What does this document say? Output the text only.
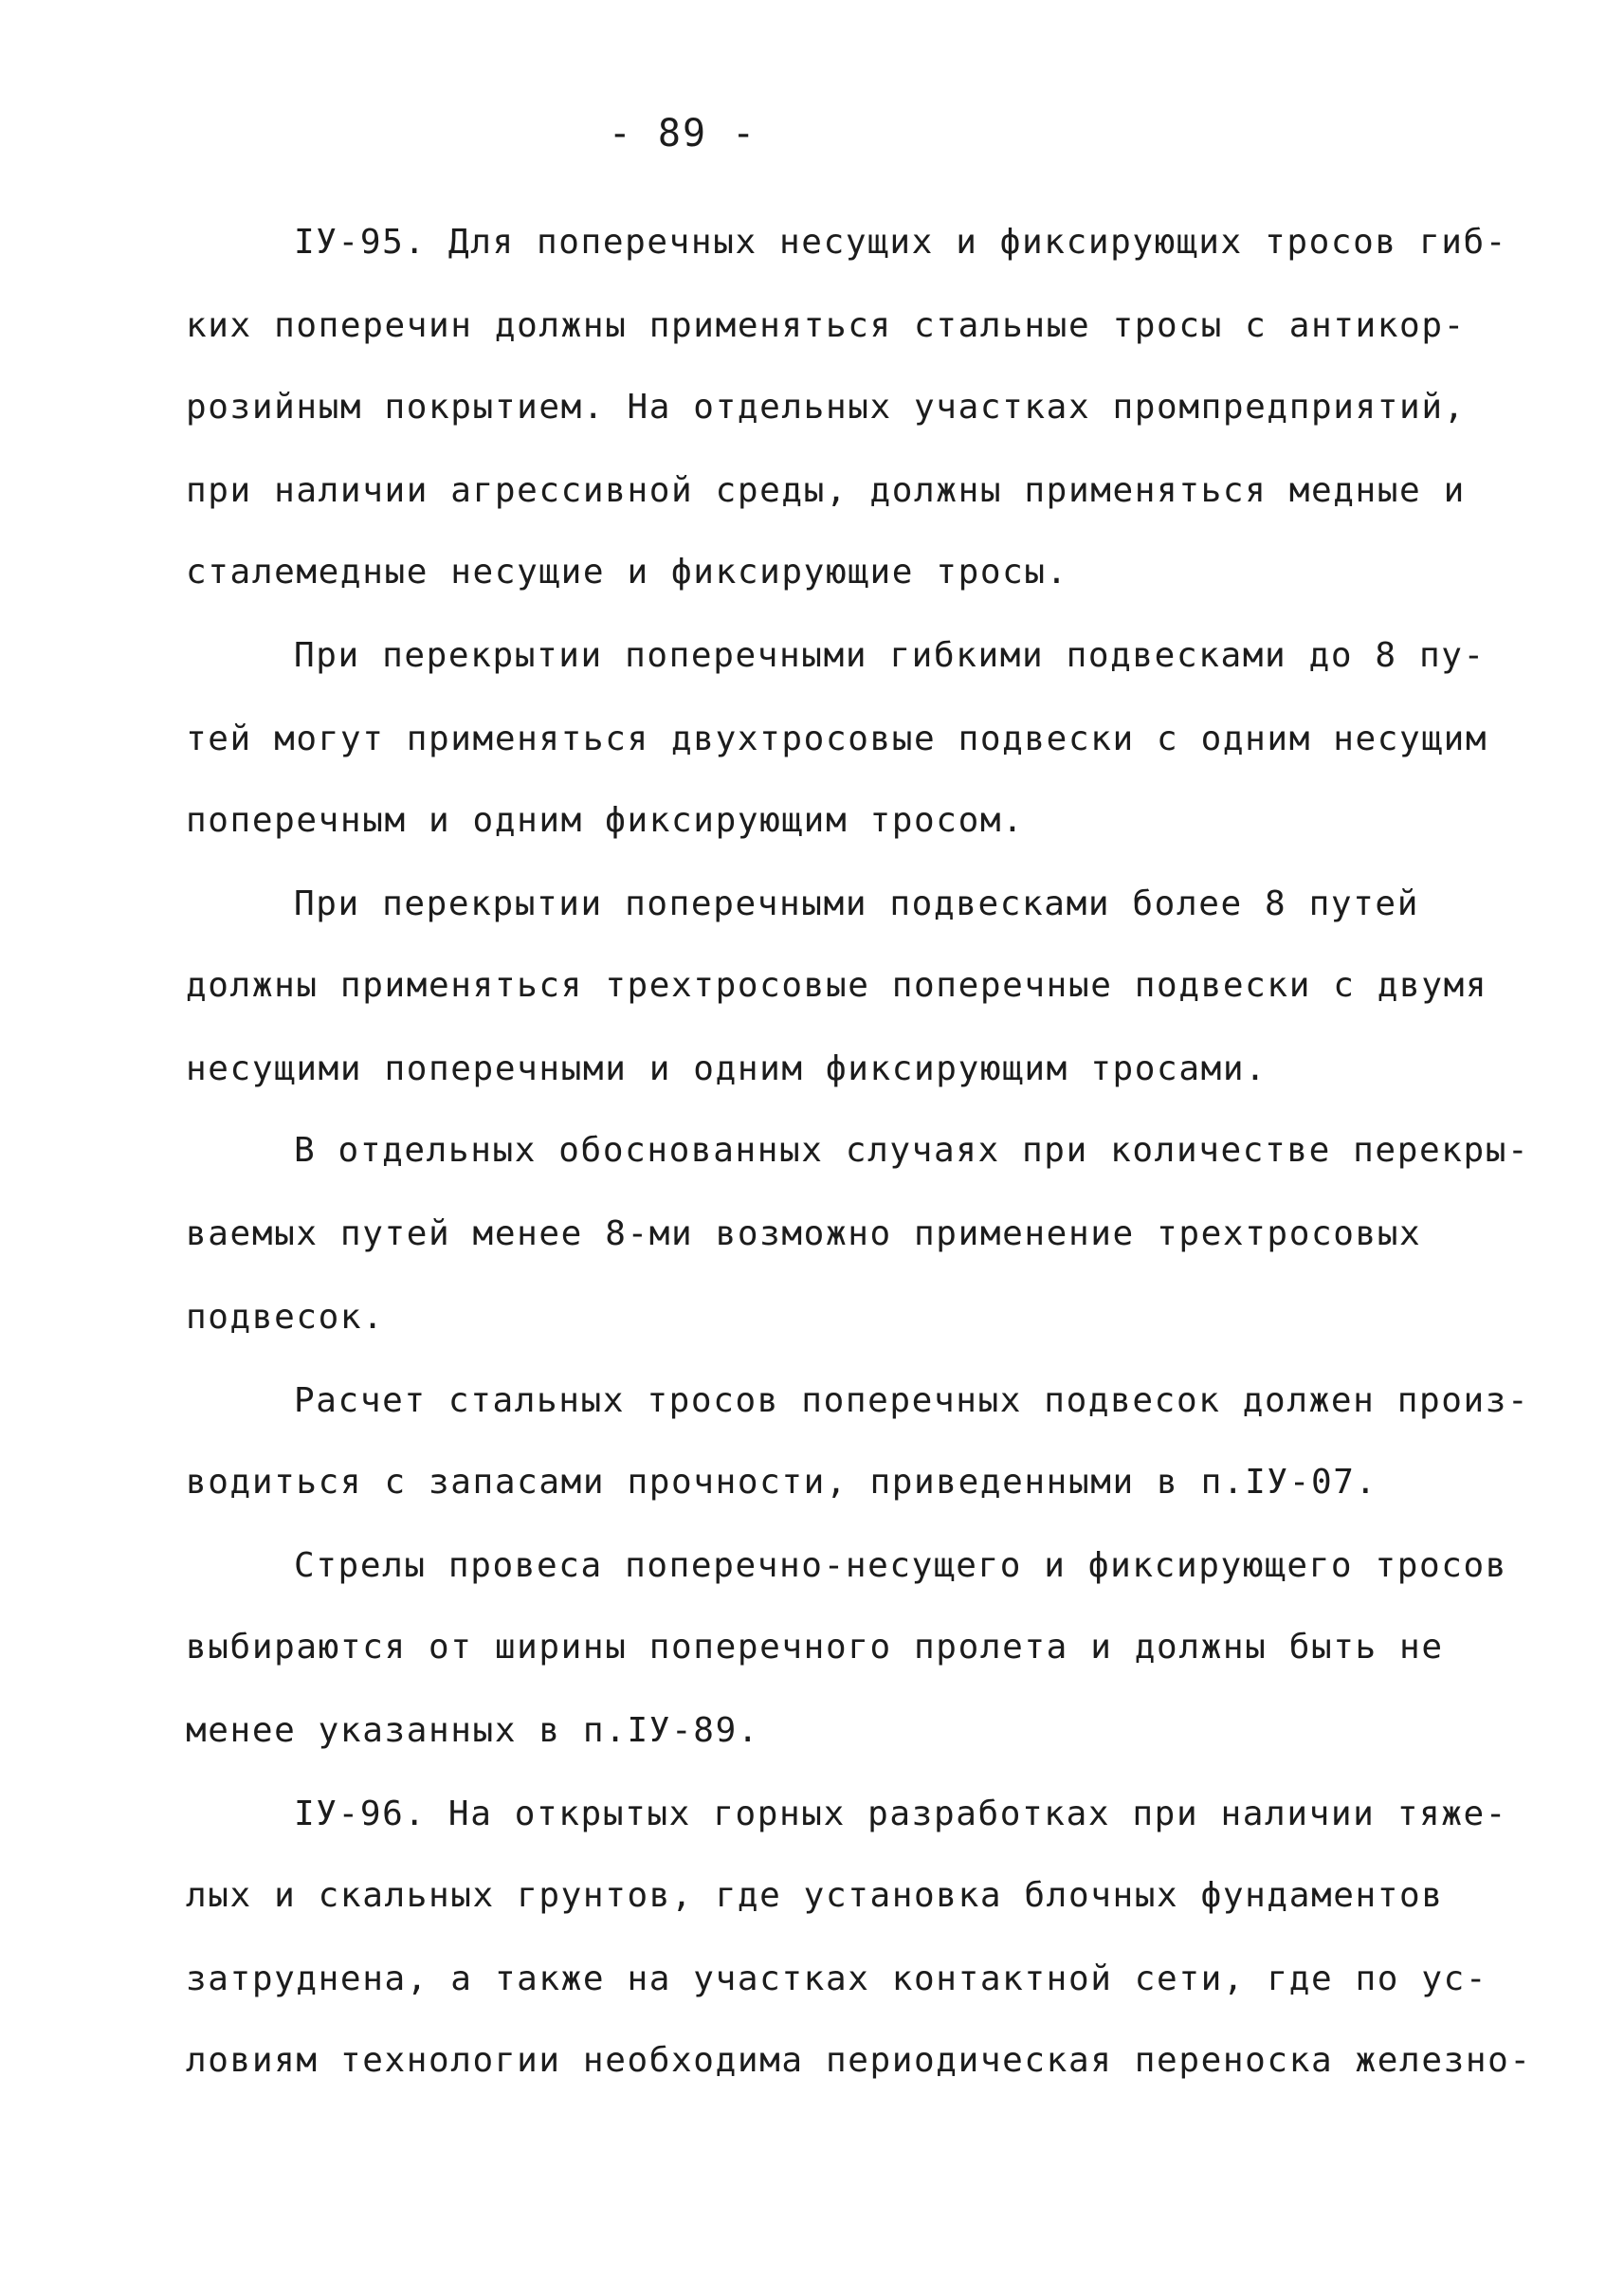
- 89 -
IУ-95. Для поперечных несущих и фиксирующих тросов гиб-
ких поперечин должны применяться стальные тросы с антикор-
розийным покрытием. На отдельных участках промпредприятий,
при наличии агрессивной среды, должны применяться медные и
сталемедные несущие и фиксирующие тросы.
При перекрытии поперечными гибкими подвесками до 8 пу-
тей могут применяться двухтросовые подвески с одним несущим
поперечным и одним фиксирующим тросом.
При перекрытии поперечными подвесками более 8 путей
должны применяться трехтросовые поперечные подвески с двумя
несущими поперечными и одним фиксирующим тросами.
В отдельных обоснованных случаях при количестве перекры-
ваемых путей менее 8-ми возможно применение трехтросовых
подвесок.
Расчет стальных тросов поперечных подвесок должен произ-
водиться с запасами прочности, приведенными в п.IУ-07.
Стрелы провеса поперечно-несущего и фиксирующего тросов
выбираются от ширины поперечного пролета и должны быть не
менее указанных в п.IУ-89.
IУ-96. На открытых горных разработках при наличии тяже-
лых и скальных грунтов, где установка блочных фундаментов
затруднена, а также на участках контактной сети, где по ус-
ловиям технологии необходима периодическая переноска железно-
